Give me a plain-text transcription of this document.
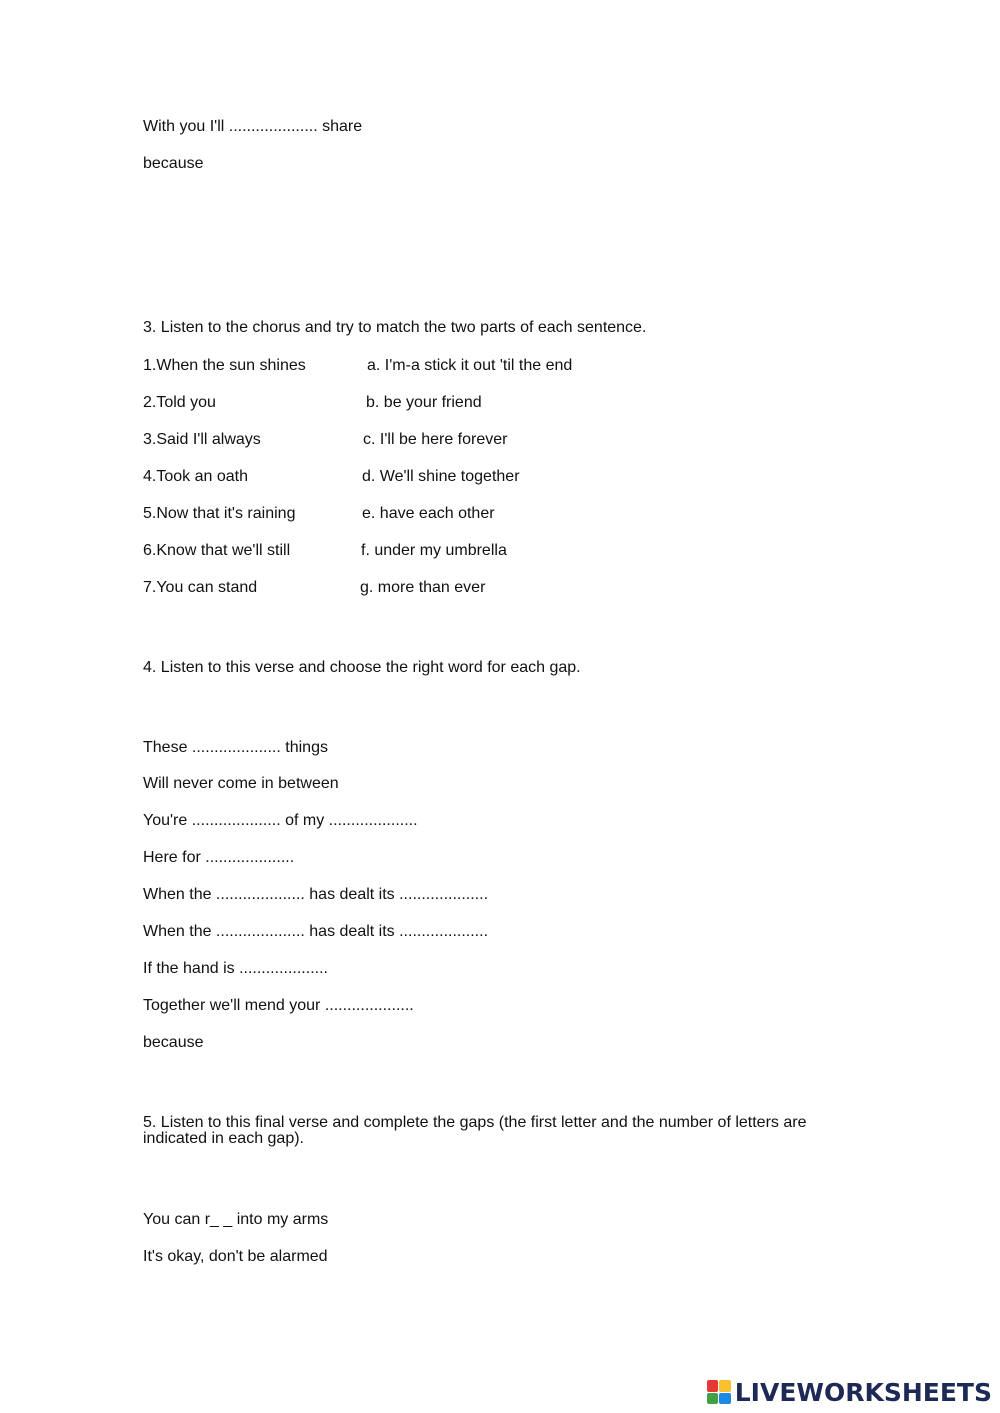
With you I'll .................... share
because
3. Listen to the chorus and try to match the two parts of each sentence.
1.When the sun shines
2.Told you
3.Said I'll always
4.Took an oath
5.Now that it's raining
6.Know that we'll still
7.You can stand
a. I'm-a stick it out 'til the end
b. be your friend
c. I'll be here forever
d. We'll shine together
e. have each other
f. under my umbrella
g. more than ever
4. Listen to this verse and choose the right word for each gap.
These .................... things
Will never come in between
You're .................... of my ....................
Here for ....................
When the .................... has dealt its ....................
When the .................... has dealt its ....................
If the hand is ....................
Together we'll mend your ....................
because
5. Listen to this final verse and complete the gaps (the first letter and the number of letters are indicated in each gap).
You can r_ _ into my arms
It's okay, don't be alarmed
LIVEWORKSHEETS
